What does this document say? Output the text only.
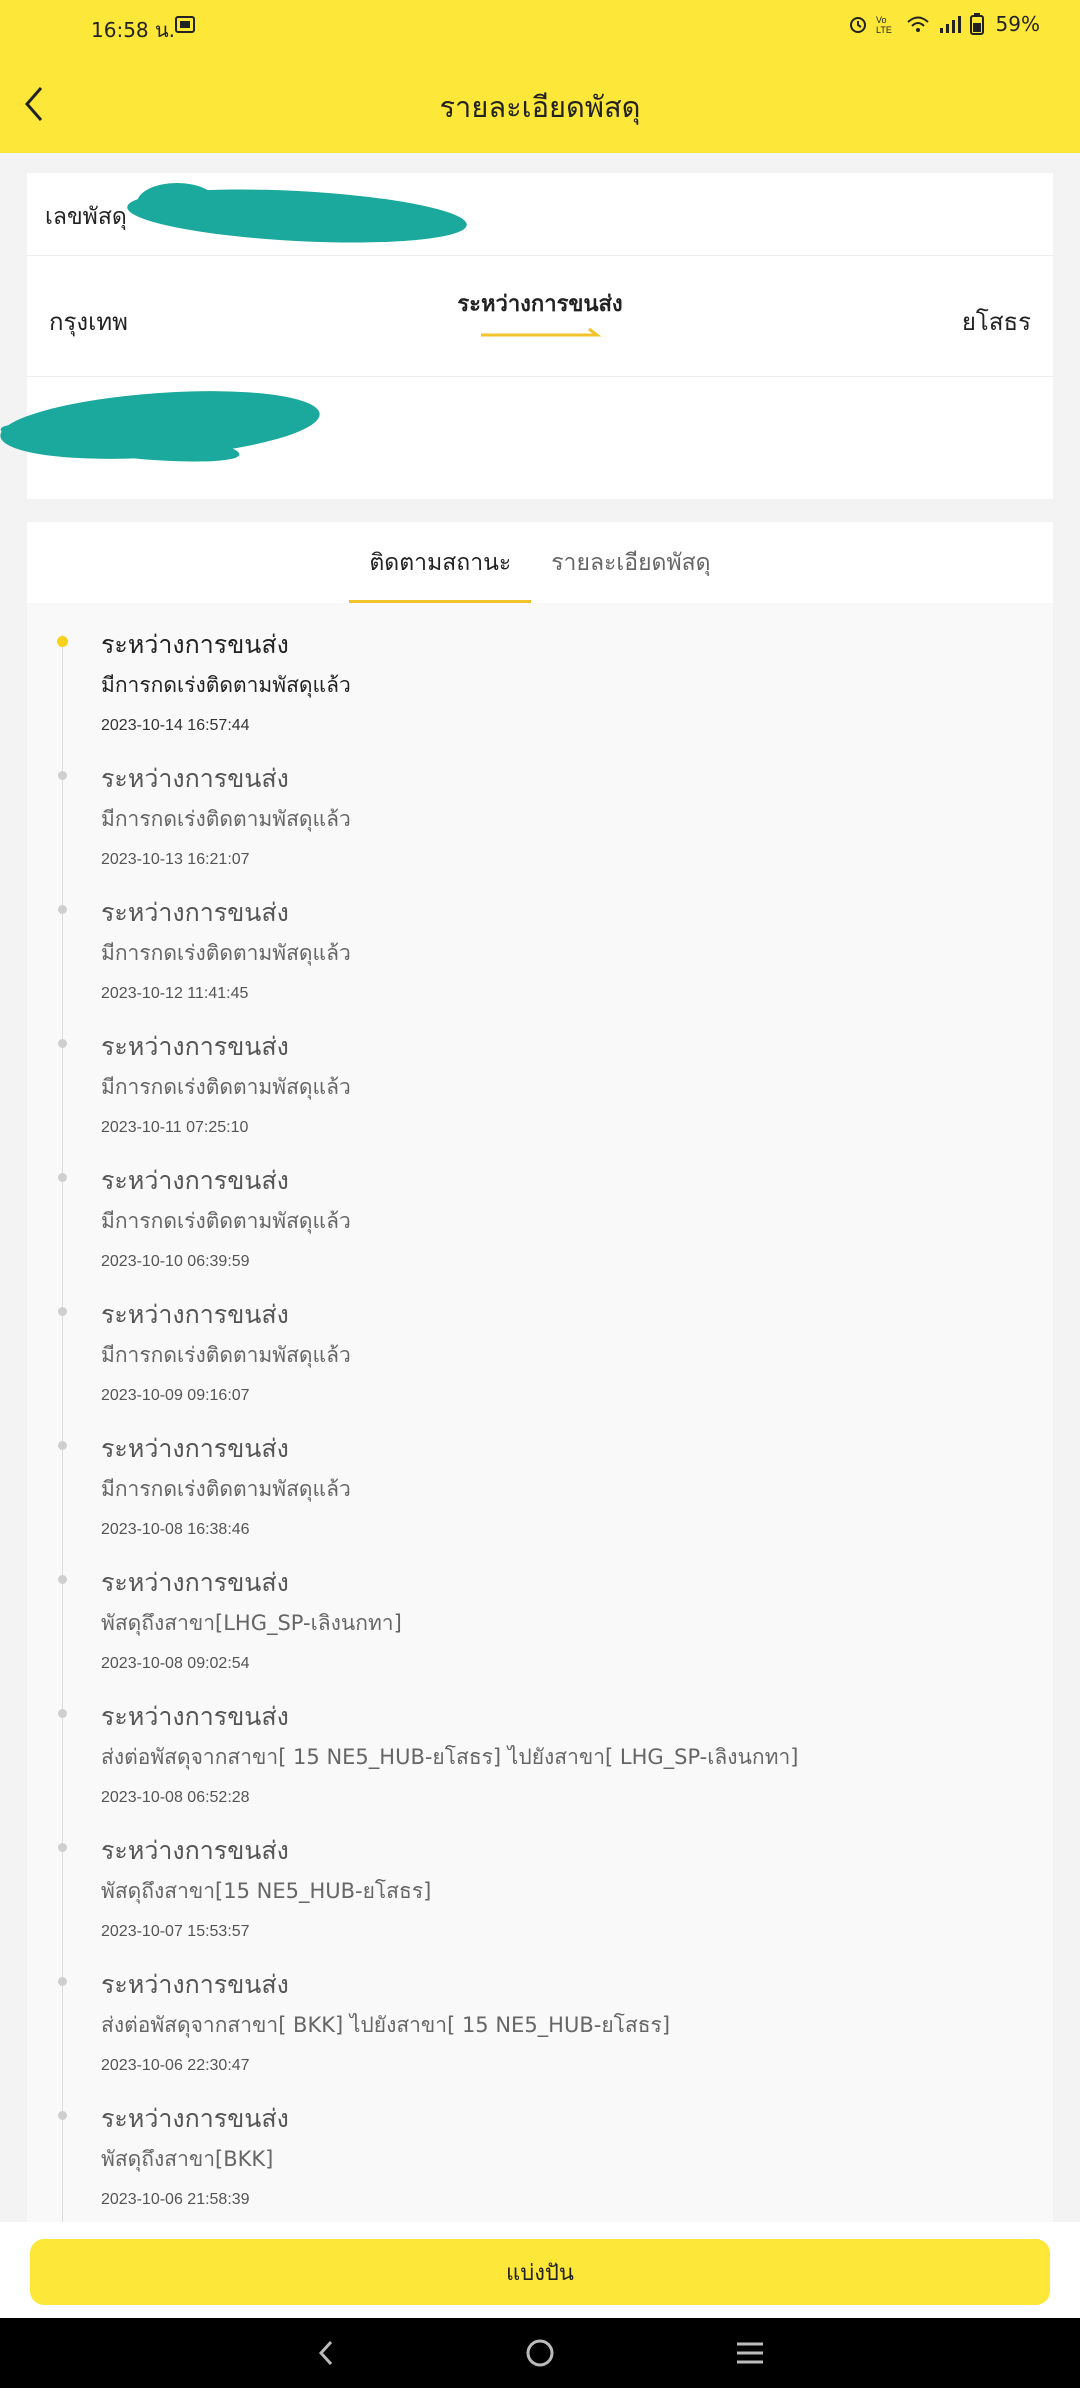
16:58 น.	Vo
LTE	59%
รายละเอียดพัสดุ
เลขพัสดุ
กรุงเทพ
ระหว่างการขนส่ง
ยโสธร
ติดตามสถานะ รายละเอียดพัสดุ
ระหว่างการขนส่ง
มีการกดเร่งติดตามพัสดุแล้ว
2023-10-14 16:57:44
ระหว่างการขนส่ง
มีการกดเร่งติดตามพัสดุแล้ว
2023-10-13 16:21:07
ระหว่างการขนส่ง
มีการกดเร่งติดตามพัสดุแล้ว
2023-10-12 11:41:45
ระหว่างการขนส่ง
มีการกดเร่งติดตามพัสดุแล้ว
2023-10-11 07:25:10
ระหว่างการขนส่ง
มีการกดเร่งติดตามพัสดุแล้ว
2023-10-10 06:39:59
ระหว่างการขนส่ง
มีการกดเร่งติดตามพัสดุแล้ว
2023-10-09 09:16:07
ระหว่างการขนส่ง
มีการกดเร่งติดตามพัสดุแล้ว
2023-10-08 16:38:46
ระหว่างการขนส่ง
พัสดุถึงสาขา[LHG_SP-เลิงนกทา]
2023-10-08 09:02:54
ระหว่างการขนส่ง
ส่งต่อพัสดุจากสาขา[ 15 NE5_HUB-ยโสธร] ไปยังสาขา[ LHG_SP-เลิงนกทา]
2023-10-08 06:52:28
ระหว่างการขนส่ง
พัสดุถึงสาขา[15 NE5_HUB-ยโสธร]
2023-10-07 15:53:57
ระหว่างการขนส่ง
ส่งต่อพัสดุจากสาขา[ BKK] ไปยังสาขา[ 15 NE5_HUB-ยโสธร]
2023-10-06 22:30:47
ระหว่างการขนส่ง
พัสดุถึงสาขา[BKK]
2023-10-06 21:58:39
แบ่งปัน
